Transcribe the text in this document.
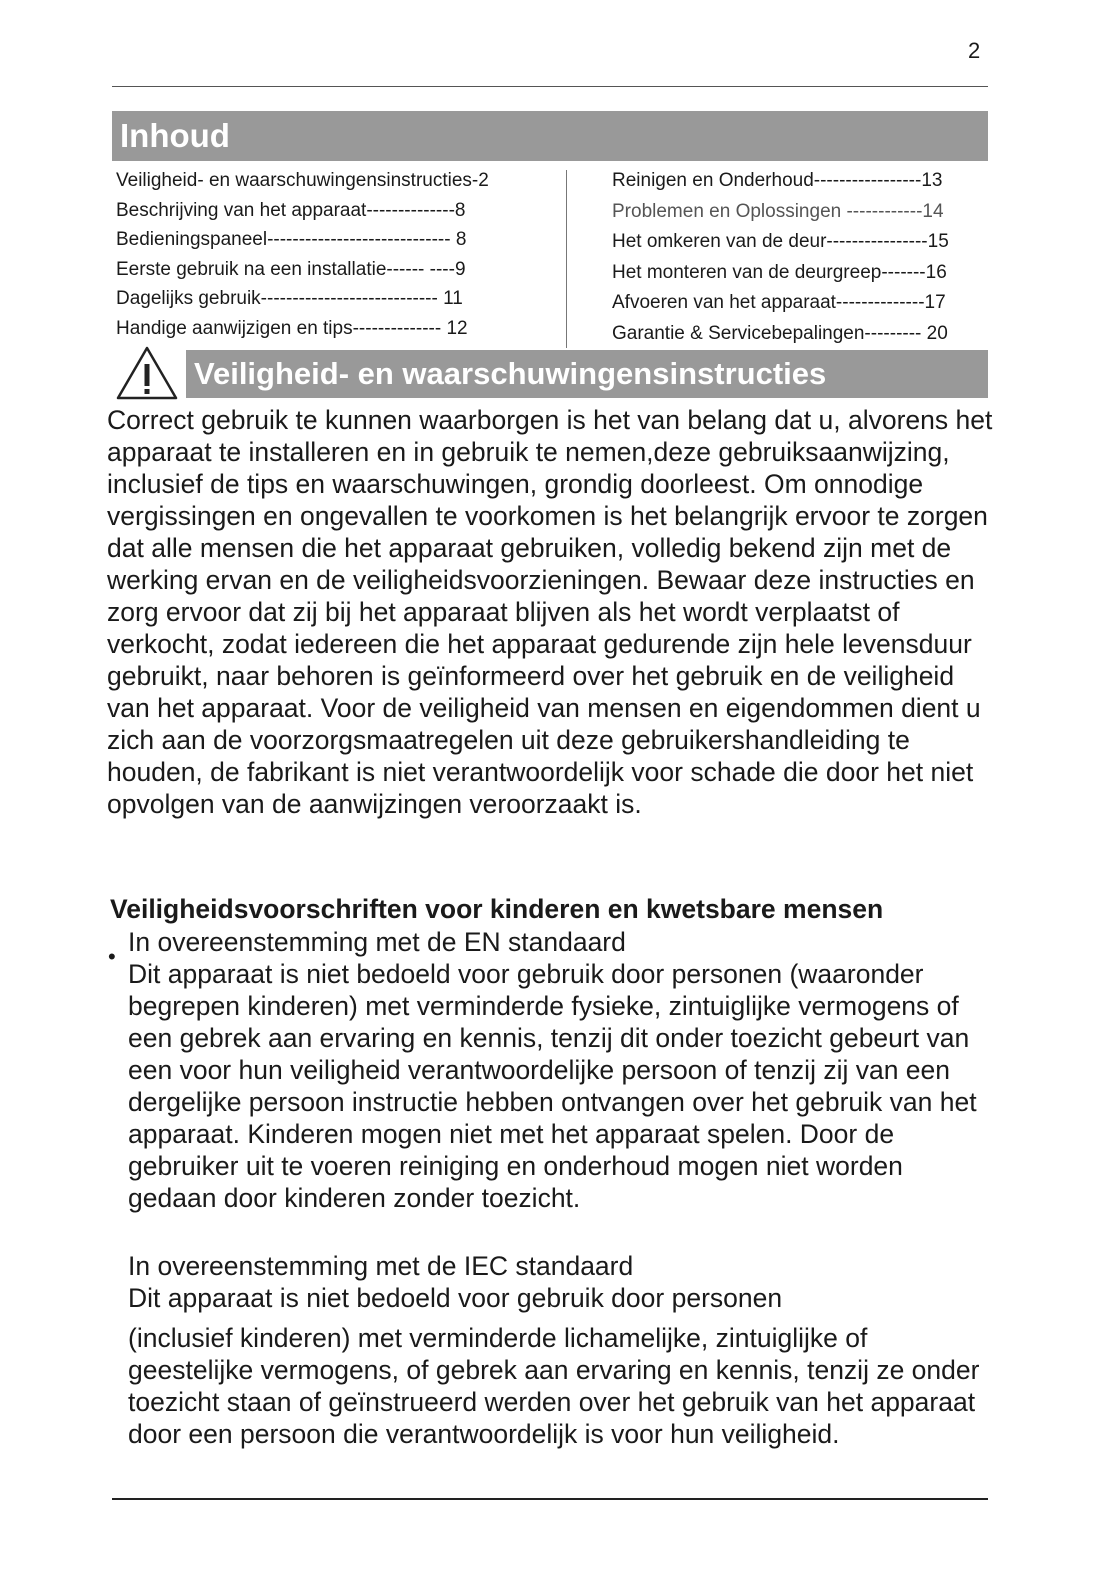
2
Inhoud
Veiligheid- en waarschuwingensinstructies-2
Beschrijving van het apparaat--------------8
Bedieningspaneel----------------------------- 8
Eerste gebruik na een installatie------ ----9
Dagelijks gebruik---------------------------- 11
Handige aanwijzigen en tips-------------- 12
Reinigen en Onderhoud-----------------13
Problemen en Oplossingen ------------14
Het omkeren van de deur----------------15
Het monteren van de deurgreep-------16
Afvoeren van het apparaat--------------17
Garantie & Servicebepalingen--------- 20
Veiligheid- en waarschuwingensinstructies

Correct gebruik te kunnen waarborgen is het van belang dat u, alvorens het apparaat te installeren en in gebruik te nemen,deze gebruiksaanwijzing, inclusief de tips en waarschuwingen, grondig doorleest. Om onnodige vergissingen en ongevallen te voorkomen is het belangrijk ervoor te zorgen dat alle mensen die het apparaat gebruiken, volledig bekend zijn met de werking ervan en de veiligheidsvoorzieningen. Bewaar deze instructies en zorg ervoor dat zij bij het apparaat blijven als het wordt verplaatst of verkocht, zodat iedereen die het apparaat gedurende zijn hele levensduur gebruikt, naar behoren is geïnformeerd over het gebruik en de veiligheid van het apparaat. Voor de veiligheid van mensen en eigendommen dient u zich aan de voorzorgsmaatregelen uit deze gebruikershandleiding te houden, de fabrikant is niet verantwoordelijk voor schade die door het niet opvolgen van de aanwijzingen veroorzaakt is.

Veiligheidsvoorschriften voor kinderen en kwetsbare mensen

• In overeenstemming met de EN standaard
Dit apparaat is niet bedoeld voor gebruik door personen (waaronder begrepen kinderen) met verminderde fysieke, zintuiglijke vermogens of een gebrek aan ervaring en kennis, tenzij dit onder toezicht gebeurt van een voor hun veiligheid verantwoordelijke persoon of tenzij zij van een dergelijke persoon instructie hebben ontvangen over het gebruik van het apparaat. Kinderen mogen niet met het apparaat spelen. Door de gebruiker uit te voeren reiniging en onderhoud mogen niet worden gedaan door kinderen zonder toezicht.

In overeenstemming met de IEC standaard
Dit apparaat is niet bedoeld voor gebruik door personen

(inclusief kinderen) met verminderde lichamelijke, zintuiglijke of geestelijke vermogens, of gebrek aan ervaring en kennis, tenzij ze onder toezicht staan of geïnstrueerd werden over het gebruik van het apparaat door een persoon die verantwoordelijk is voor hun veiligheid.
